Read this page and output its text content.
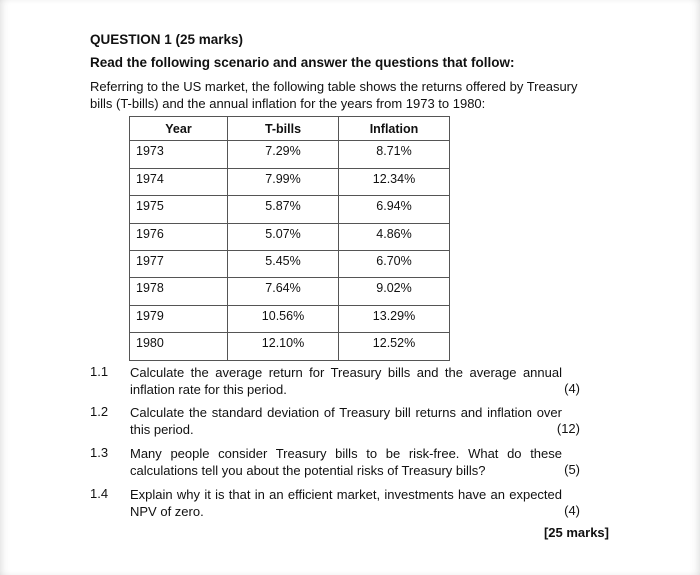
QUESTION 1 (25 marks)
Read the following scenario and answer the questions that follow:
Referring to the US market, the following table shows the returns offered by Treasury bills (T-bills) and the annual inflation for the years from 1973 to 1980:
Year	T-bills	Inflation
1973	7.29%	8.71%
1974	7.99%	12.34%
1975	5.87%	6.94%
1976	5.07%	4.86%
1977	5.45%	6.70%
1978	7.64%	9.02%
1979	10.56%	13.29%
1980	12.10%	12.52%
1.1 Calculate the average return for Treasury bills and the average annual inflation rate for this period.	(4)
1.2 Calculate the standard deviation of Treasury bill returns and inflation over this period.	(12)
1.3 Many people consider Treasury bills to be risk-free. What do these calculations tell you about the potential risks of Treasury bills?	(5)
1.4 Explain why it is that in an efficient market, investments have an expected NPV of zero.	(4)
[25 marks]
